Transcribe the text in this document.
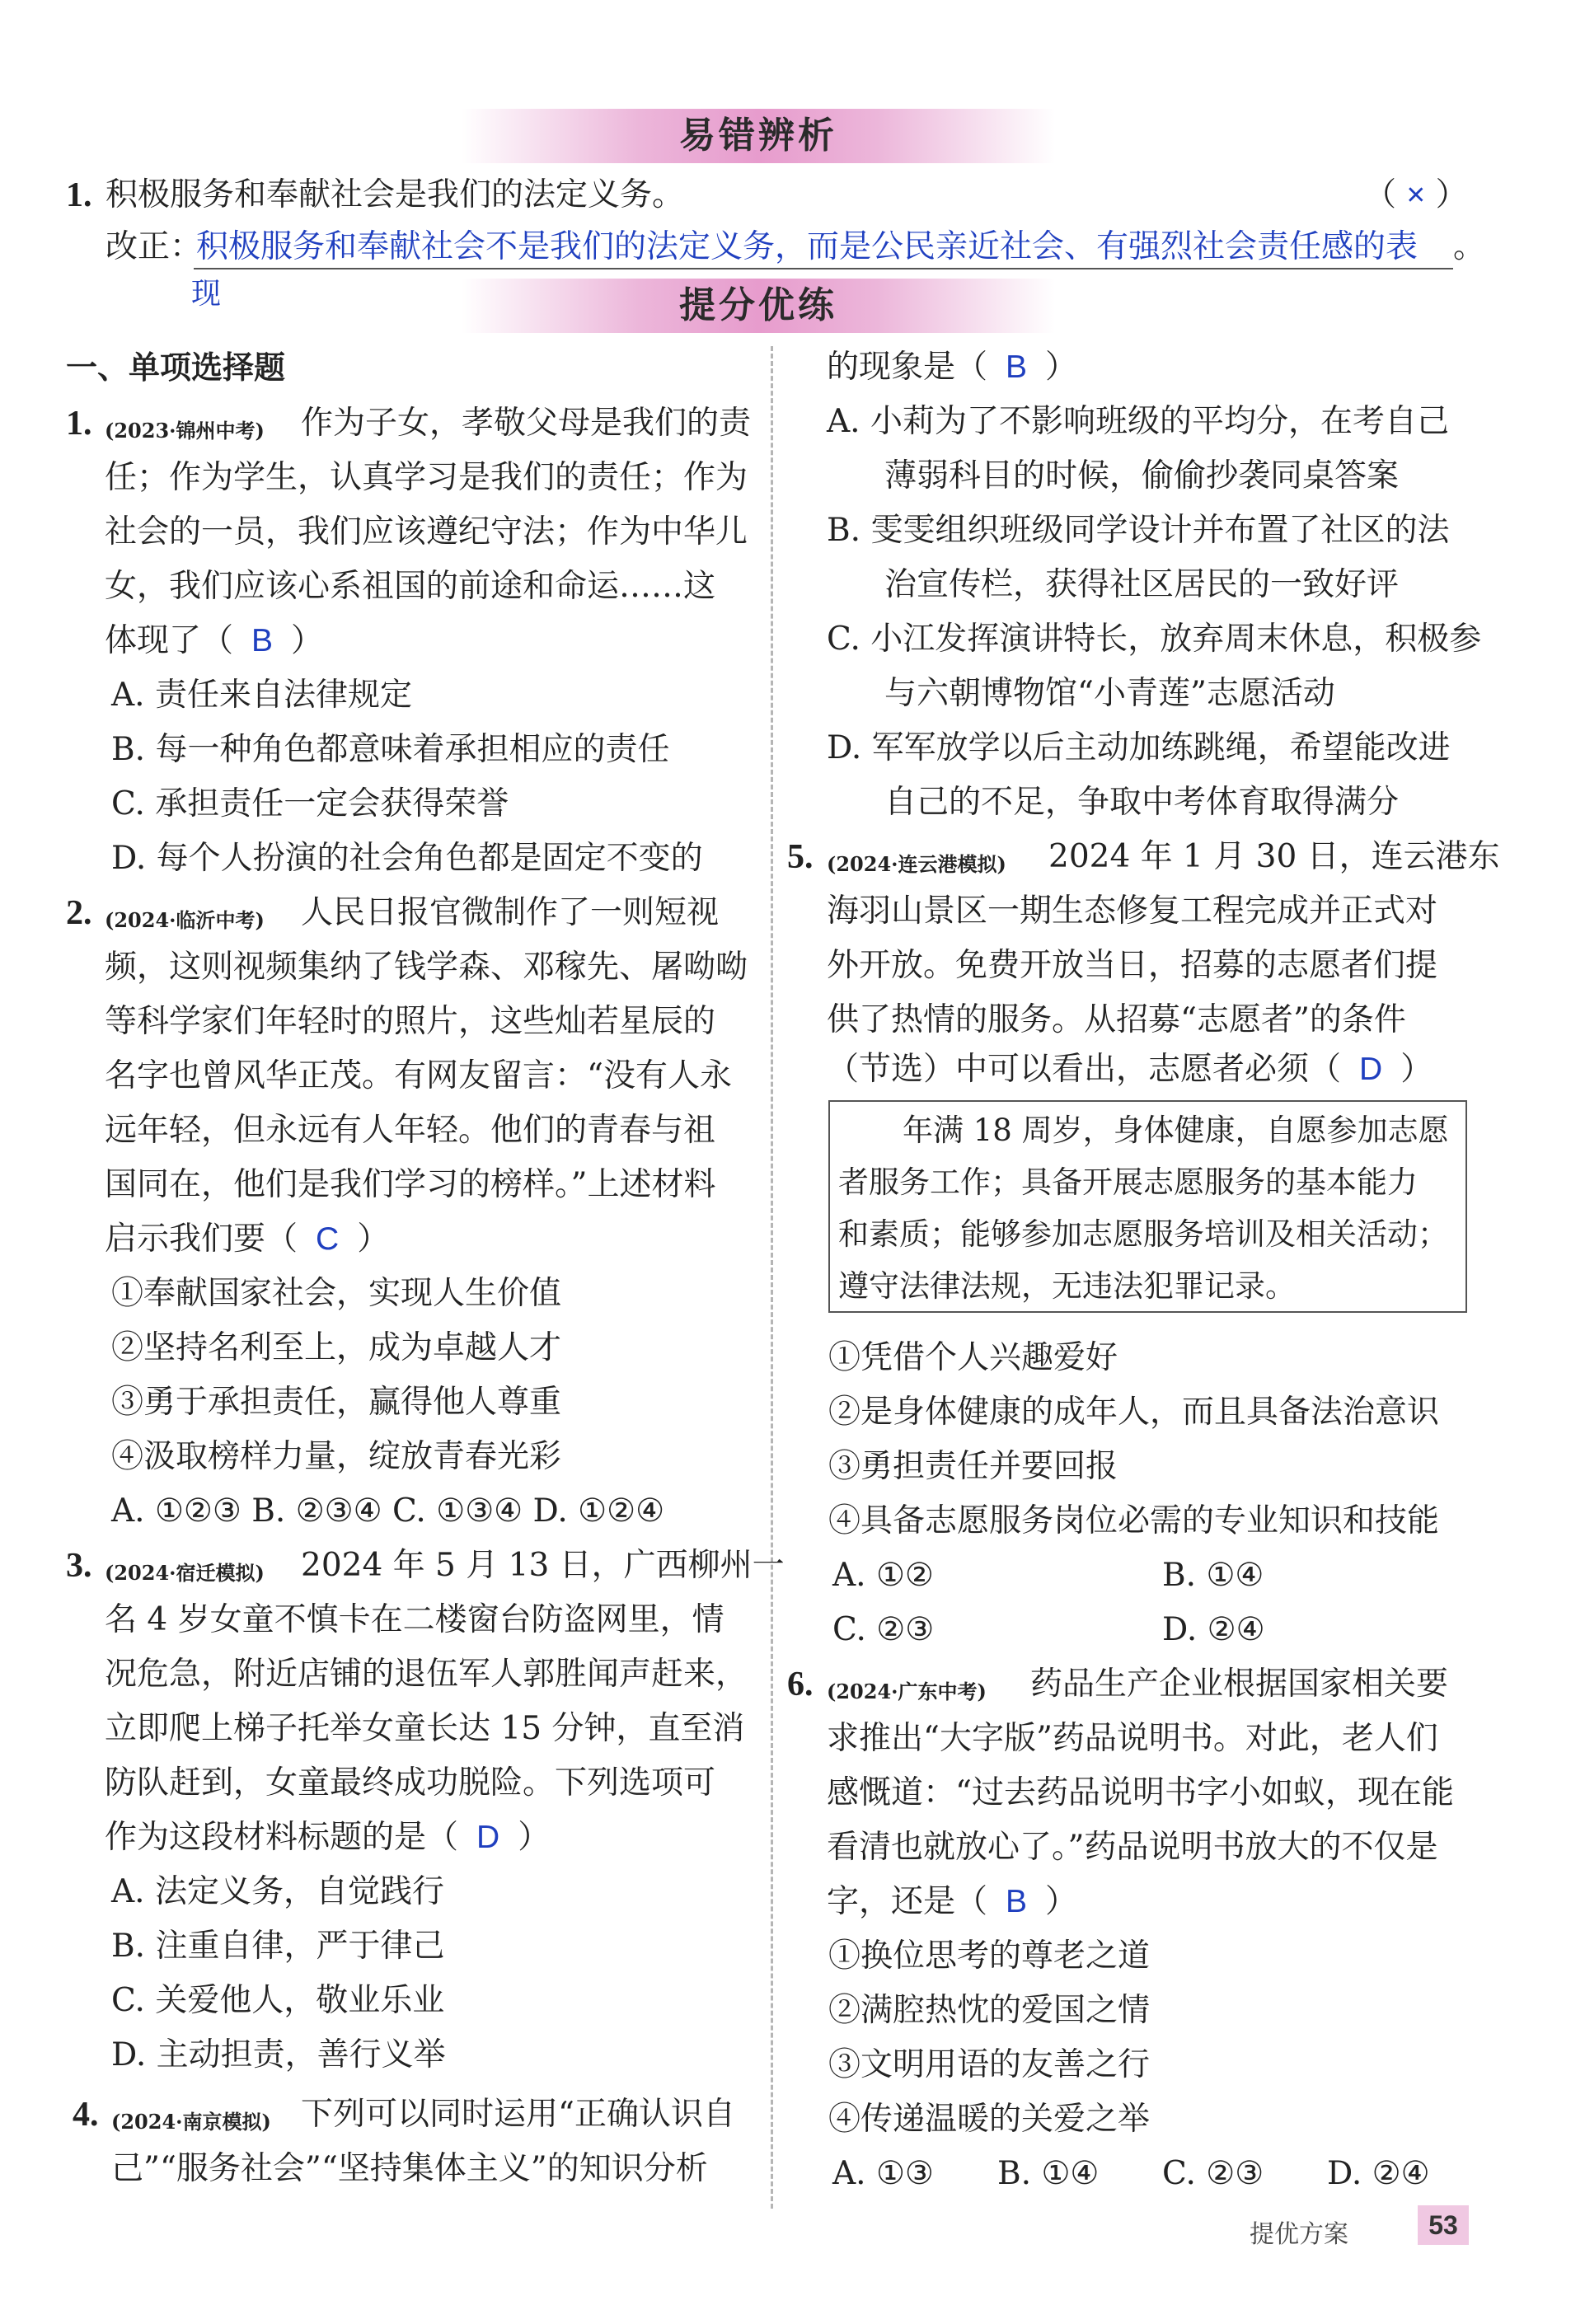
易错辨析
1. 积极服务和奉献社会是我们的法定义务。	（ × ）
改正：
积极服务和奉献社会不是我们的法定义务，而是公民亲近社会、有强烈社会责任感的表 。
现	提分优练
一、单项选择题
1. (2023·锦州中考) 作为子女，孝敬父母是我们的责
任；作为学生，认真学习是我们的责任；作为
社会的一员，我们应该遵纪守法；作为中华儿
女，我们应该心系祖国的前途和命运……这
体现了（ B ）
A. 责任来自法律规定
B. 每一种角色都意味着承担相应的责任
C. 承担责任一定会获得荣誉
D. 每个人扮演的社会角色都是固定不变的
2. (2024·临沂中考) 人民日报官微制作了一则短视
频，这则视频集纳了钱学森、邓稼先、屠呦呦
等科学家们年轻时的照片，这些灿若星辰的
名字也曾风华正茂。有网友留言：“没有人永
远年轻，但永远有人年轻。他们的青春与祖
国同在，他们是我们学习的榜样。”上述材料
启示我们要（ C ）
①奉献国家社会，实现人生价值
②坚持名利至上，成为卓越人才
③勇于承担责任，赢得他人尊重
④汲取榜样力量，绽放青春光彩
A. ①②③ B. ②③④ C. ①③④ D. ①②④
3. (2024·宿迁模拟) 2024 年 5 月 13 日，广西柳州一
名 4 岁女童不慎卡在二楼窗台防盗网里，情
况危急，附近店铺的退伍军人郭胜闻声赶来，
立即爬上梯子托举女童长达 15 分钟，直至消
防队赶到，女童最终成功脱险。下列选项可
作为这段材料标题的是（ D ）
A. 法定义务，自觉践行
B. 注重自律，严于律己
C. 关爱他人，敬业乐业
D. 主动担责，善行义举
4. (2024·南京模拟) 下列可以同时运用“正确认识自
己”“服务社会”“坚持集体主义”的知识分析
的现象是（ B ）
A. 小莉为了不影响班级的平均分，在考自己
薄弱科目的时候，偷偷抄袭同桌答案
B. 雯雯组织班级同学设计并布置了社区的法
治宣传栏，获得社区居民的一致好评
C. 小江发挥演讲特长，放弃周末休息，积极参
与六朝博物馆“小青莲”志愿活动
D. 军军放学以后主动加练跳绳，希望能改进
自己的不足，争取中考体育取得满分
5. (2024·连云港模拟) 2024 年 1 月 30 日，连云港东
海羽山景区一期生态修复工程完成并正式对
外开放。免费开放当日，招募的志愿者们提
供了热情的服务。从招募“志愿者”的条件
（节选）中可以看出，志愿者必须（ D ）
年满 18 周岁，身体健康，自愿参加志愿
者服务工作；具备开展志愿服务的基本能力
和素质；能够参加志愿服务培训及相关活动；
遵守法律法规，无违法犯罪记录。
①凭借个人兴趣爱好
②是身体健康的成年人，而且具备法治意识
③勇担责任并要回报
④具备志愿服务岗位必需的专业知识和技能
A. ①②	B. ①④
C. ②③	D. ②④
6. (2024·广东中考) 药品生产企业根据国家相关要
求推出“大字版”药品说明书。对此，老人们
感慨道：“过去药品说明书字小如蚁，现在能
看清也就放心了。”药品说明书放大的不仅是
字，还是（ B ）
①换位思考的尊老之道
②满腔热忱的爱国之情
③文明用语的友善之行
④传递温暖的关爱之举
A. ①③ B. ①④ C. ②③ D. ②④
提优方案	53
